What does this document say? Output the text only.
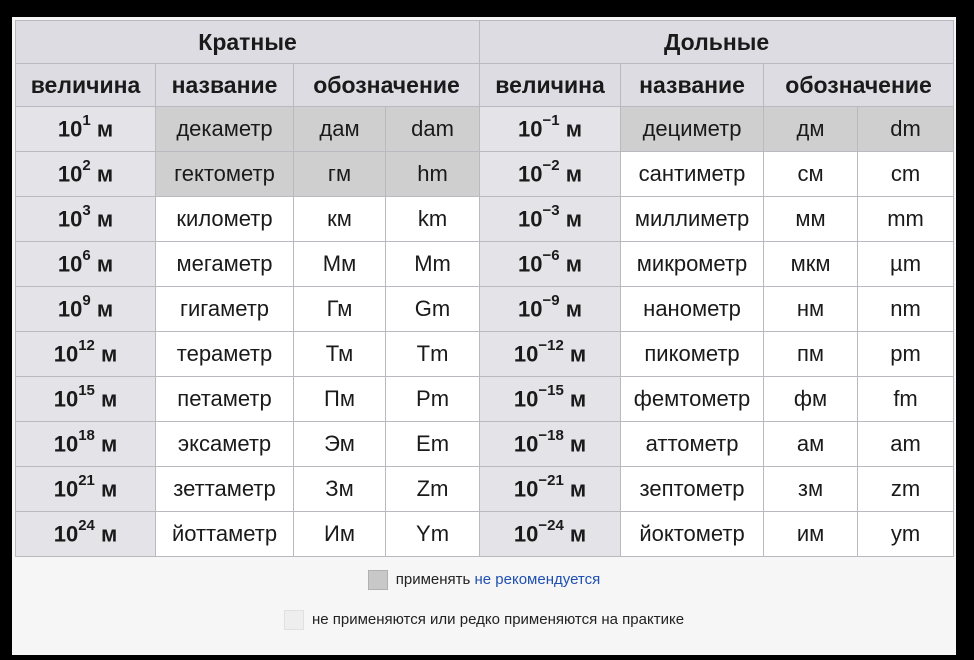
Кратные				Дольные			
величина	название	обозначение		величина	название	обозначение	
$10^1$ м	декаметр	дам	dam	$10^{-1}$ м	дециметр	дм	dm
$10^2$ м	гектометр	гм	hm	$10^{-2}$ м	сантиметр	см	cm
$10^3$ м	километр	км	km	$10^{-3}$ м	миллиметр	мм	mm
$10^6$ м	мегаметр	Мм	Mm	$10^{-6}$ м	микрометр	мкм	µm
$10^9$ м	гигаметр	Гм	Gm	$10^{-9}$ м	нанометр	нм	nm
$10^{12}$ м	тераметр	Тм	Tm	$10^{-12}$ м	пикометр	пм	pm
$10^{15}$ м	петаметр	Пм	Pm	$10^{-15}$ м	фемтометр	фм	fm
$10^{18}$ м	эксаметр	Эм	Em	$10^{-18}$ м	аттометр	ам	am
$10^{21}$ м	зеттаметр	Зм	Zm	$10^{-21}$ м	зептометр	зм	zm
$10^{24}$ м	йоттаметр	Им	Ym	$10^{-24}$ м	йоктометр	им	ym
применять не рекомендуется
не применяются или редко применяются на практике
